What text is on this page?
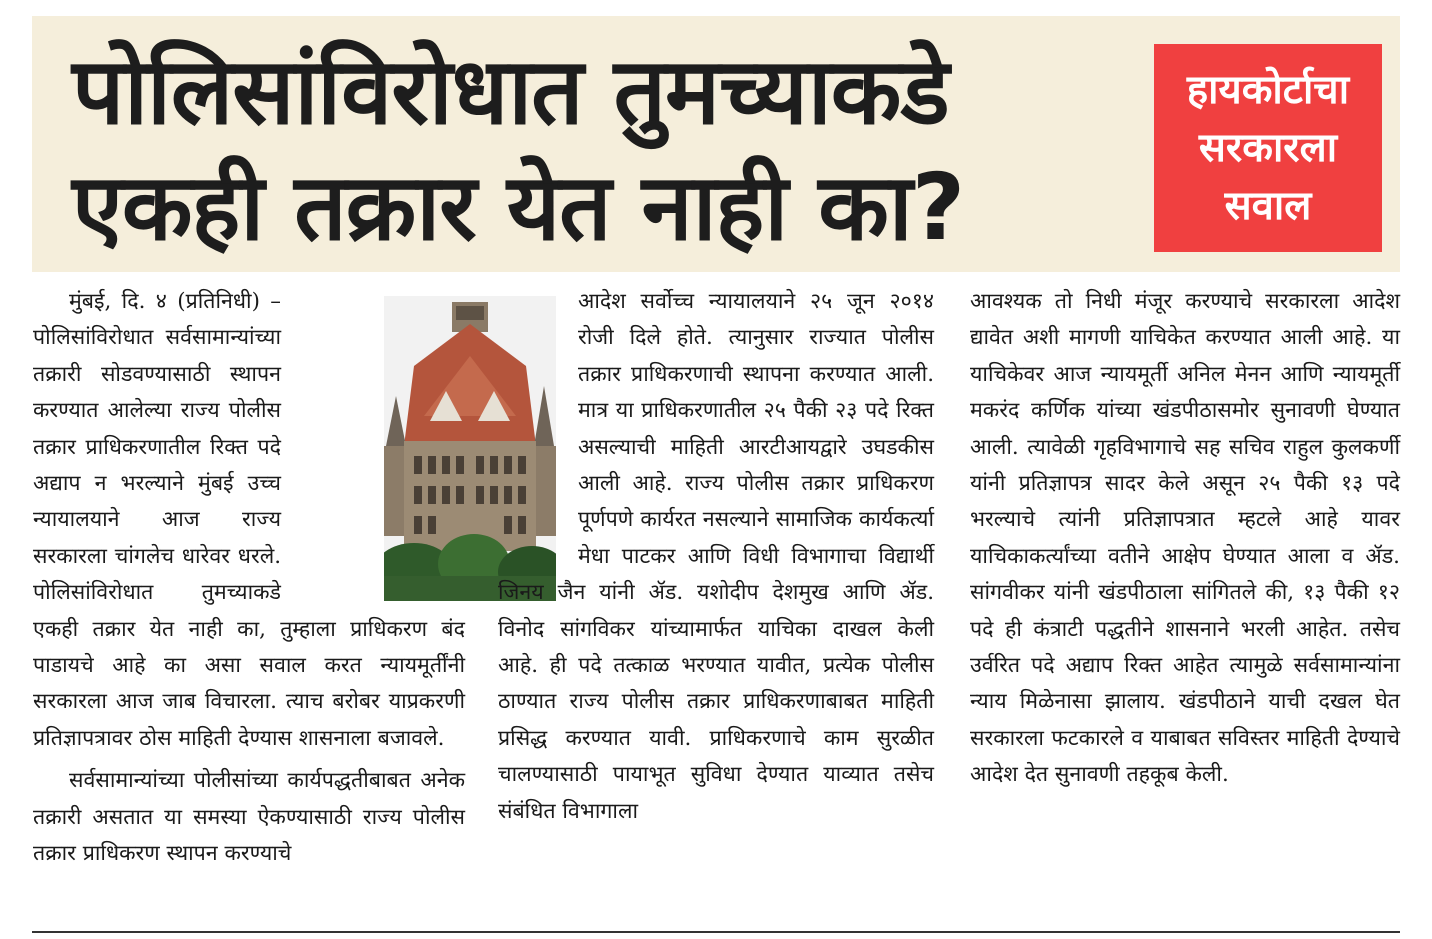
पोलिसांविरोधात तुमच्याकडे
एकही तक्रार येत नाही का?
हायकोर्टाचा
सरकारला
सवाल

मुंबई, दि. ४ (प्रतिनिधी) – पोलिसांविरोधात सर्वसामान्यांच्या तक्रारी सोडवण्यासाठी स्थापन करण्यात आलेल्या राज्य पोलीस तक्रार प्राधिकरणातील रिक्त पदे अद्याप न भरल्याने मुंबई उच्च न्यायालयाने आज राज्य सरकारला चांगलेच धारेवर धरले. पोलिसांविरोधात तुमच्याकडे एकही तक्रार येत नाही का, तुम्हाला प्राधिकरण बंद पाडायचे आहे का असा सवाल करत न्यायमूर्तींनी सरकारला आज जाब विचारला. त्याच बरोबर याप्रकरणी प्रतिज्ञापत्रावर ठोस माहिती देण्यास शासनाला बजावले.

सर्वसामान्यांच्या पोलीसांच्या कार्यपद्धतीबाबत अनेक तक्रारी असतात या समस्या ऐकण्यासाठी राज्य पोलीस तक्रार प्राधिकरण स्थापन करण्याचे

आदेश सर्वोच्च न्यायालयाने २५ जून २०१४ रोजी दिले होते. त्यानुसार राज्यात पोलीस तक्रार प्राधिकरणाची स्थापना करण्यात आली. मात्र या प्राधिकरणातील २५ पैकी २३ पदे रिक्त असल्याची माहिती आरटीआयद्वारे उघडकीस आली आहे. राज्य पोलीस तक्रार प्राधिकरण पूर्णपणे कार्यरत नसल्याने सामाजिक कार्यकर्त्या मेधा पाटकर आणि विधी विभागाचा विद्यार्थी जिनय जैन यांनी ॲड. यशोदीप देशमुख आणि ॲड. विनोद सांगविकर यांच्यामार्फत याचिका दाखल केली आहे. ही पदे तत्काळ भरण्यात यावीत, प्रत्येक पोलीस ठाण्यात राज्य पोलीस तक्रार प्राधिकरणाबाबत माहिती प्रसिद्ध करण्यात यावी. प्राधिकरणाचे काम सुरळीत चालण्यासाठी पायाभूत सुविधा देण्यात याव्यात तसेच संबंधित विभागाला

आवश्यक तो निधी मंजूर करण्याचे सरकारला आदेश द्यावेत अशी मागणी याचिकेत करण्यात आली आहे. या याचिकेवर आज न्यायमूर्ती अनिल मेनन आणि न्यायमूर्ती मकरंद कर्णिक यांच्या खंडपीठासमोर सुनावणी घेण्यात आली. त्यावेळी गृहविभागाचे सह सचिव राहुल कुलकर्णी यांनी प्रतिज्ञापत्र सादर केले असून २५ पैकी १३ पदे भरल्याचे त्यांनी प्रतिज्ञापत्रात म्हटले आहे यावर याचिकाकर्त्यांच्या वतीने आक्षेप घेण्यात आला व ॲड. सांगवीकर यांनी खंडपीठाला सांगितले की, १३ पैकी १२ पदे ही कंत्राटी पद्धतीने शासनाने भरली आहेत. तसेच उर्वरित पदे अद्याप रिक्त आहेत त्यामुळे सर्वसामान्यांना न्याय मिळेनासा झालाय. खंडपीठाने याची दखल घेत सरकारला फटकारले व याबाबत सविस्तर माहिती देण्याचे आदेश देत सुनावणी तहकूब केली.
